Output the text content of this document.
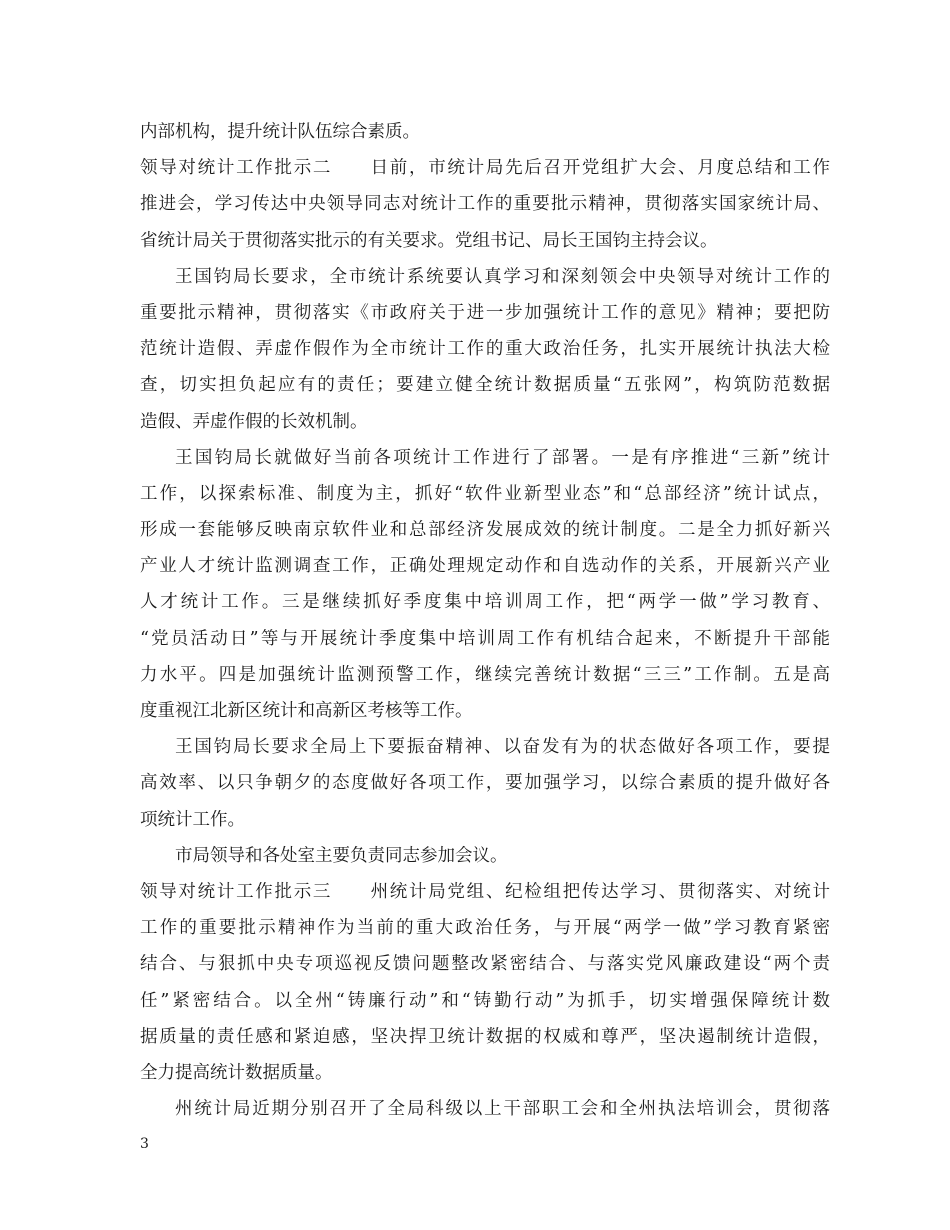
内部机构，提升统计队伍综合素质。
领导对统计工作批示二　　日前，市统计局先后召开党组扩大会、月度总结和工作
推进会，学习传达中央领导同志对统计工作的重要批示精神，贯彻落实国家统计局、
省统计局关于贯彻落实批示的有关要求。党组书记、局长王国钧主持会议。
王国钧局长要求，全市统计系统要认真学习和深刻领会中央领导对统计工作的
重要批示精神，贯彻落实《市政府关于进一步加强统计工作的意见》精神；要把防
范统计造假、弄虚作假作为全市统计工作的重大政治任务，扎实开展统计执法大检
查，切实担负起应有的责任；要建立健全统计数据质量“五张网”，构筑防范数据
造假、弄虚作假的长效机制。
王国钧局长就做好当前各项统计工作进行了部署。一是有序推进“三新”统计
工作，以探索标准、制度为主，抓好“软件业新型业态”和“总部经济”统计试点，
形成一套能够反映南京软件业和总部经济发展成效的统计制度。二是全力抓好新兴
产业人才统计监测调查工作，正确处理规定动作和自选动作的关系，开展新兴产业
人才统计工作。三是继续抓好季度集中培训周工作，把“两学一做”学习教育、
“党员活动日”等与开展统计季度集中培训周工作有机结合起来，不断提升干部能
力水平。四是加强统计监测预警工作，继续完善统计数据“三三”工作制。五是高
度重视江北新区统计和高新区考核等工作。
王国钧局长要求全局上下要振奋精神、以奋发有为的状态做好各项工作，要提
高效率、以只争朝夕的态度做好各项工作，要加强学习，以综合素质的提升做好各
项统计工作。
市局领导和各处室主要负责同志参加会议。
领导对统计工作批示三　　州统计局党组、纪检组把传达学习、贯彻落实、对统计
工作的重要批示精神作为当前的重大政治任务，与开展“两学一做”学习教育紧密
结合、与狠抓中央专项巡视反馈问题整改紧密结合、与落实党风廉政建设“两个责
任”紧密结合。以全州“铸廉行动”和“铸勤行动”为抓手，切实增强保障统计数
据质量的责任感和紧迫感，坚决捍卫统计数据的权威和尊严，坚决遏制统计造假，
全力提高统计数据质量。
州统计局近期分别召开了全局科级以上干部职工会和全州执法培训会，贯彻落
3
